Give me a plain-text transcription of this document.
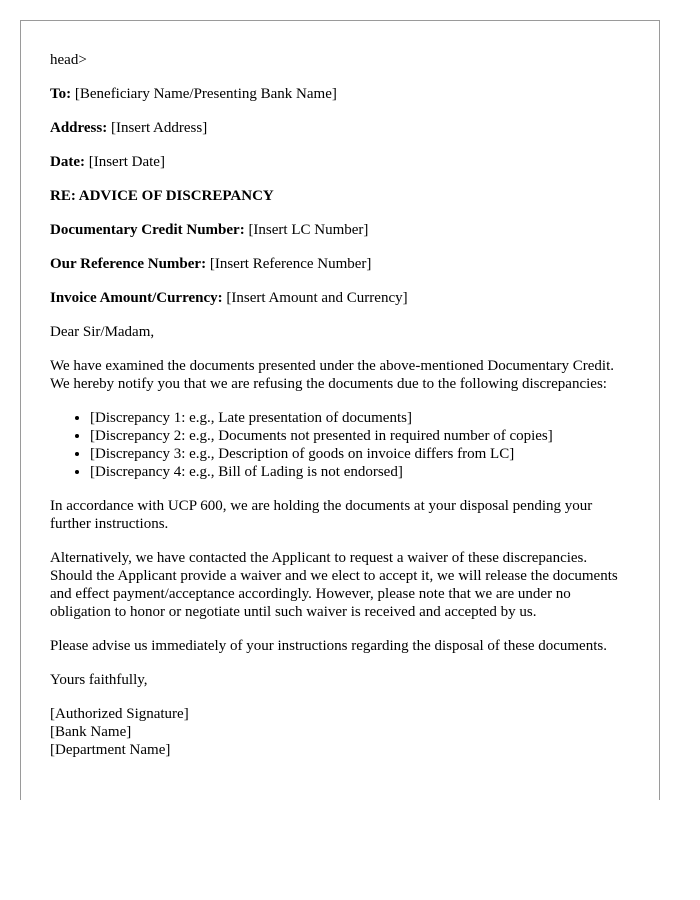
head>

To: [Beneficiary Name/Presenting Bank Name]

Address: [Insert Address]

Date: [Insert Date]

RE: ADVICE OF DISCREPANCY

Documentary Credit Number: [Insert LC Number]

Our Reference Number: [Insert Reference Number]

Invoice Amount/Currency: [Insert Amount and Currency]

Dear Sir/Madam,

We have examined the documents presented under the above-mentioned Documentary Credit. We hereby notify you that we are refusing the documents due to the following discrepancies:

• [Discrepancy 1: e.g., Late presentation of documents]
• [Discrepancy 2: e.g., Documents not presented in required number of copies]
• [Discrepancy 3: e.g., Description of goods on invoice differs from LC]
• [Discrepancy 4: e.g., Bill of Lading is not endorsed]

In accordance with UCP 600, we are holding the documents at your disposal pending your further instructions.

Alternatively, we have contacted the Applicant to request a waiver of these discrepancies. Should the Applicant provide a waiver and we elect to accept it, we will release the documents and effect payment/acceptance accordingly. However, please note that we are under no obligation to honor or negotiate until such waiver is received and accepted by us.

Please advise us immediately of your instructions regarding the disposal of these documents.

Yours faithfully,

[Authorized Signature]
[Bank Name]
[Department Name]
